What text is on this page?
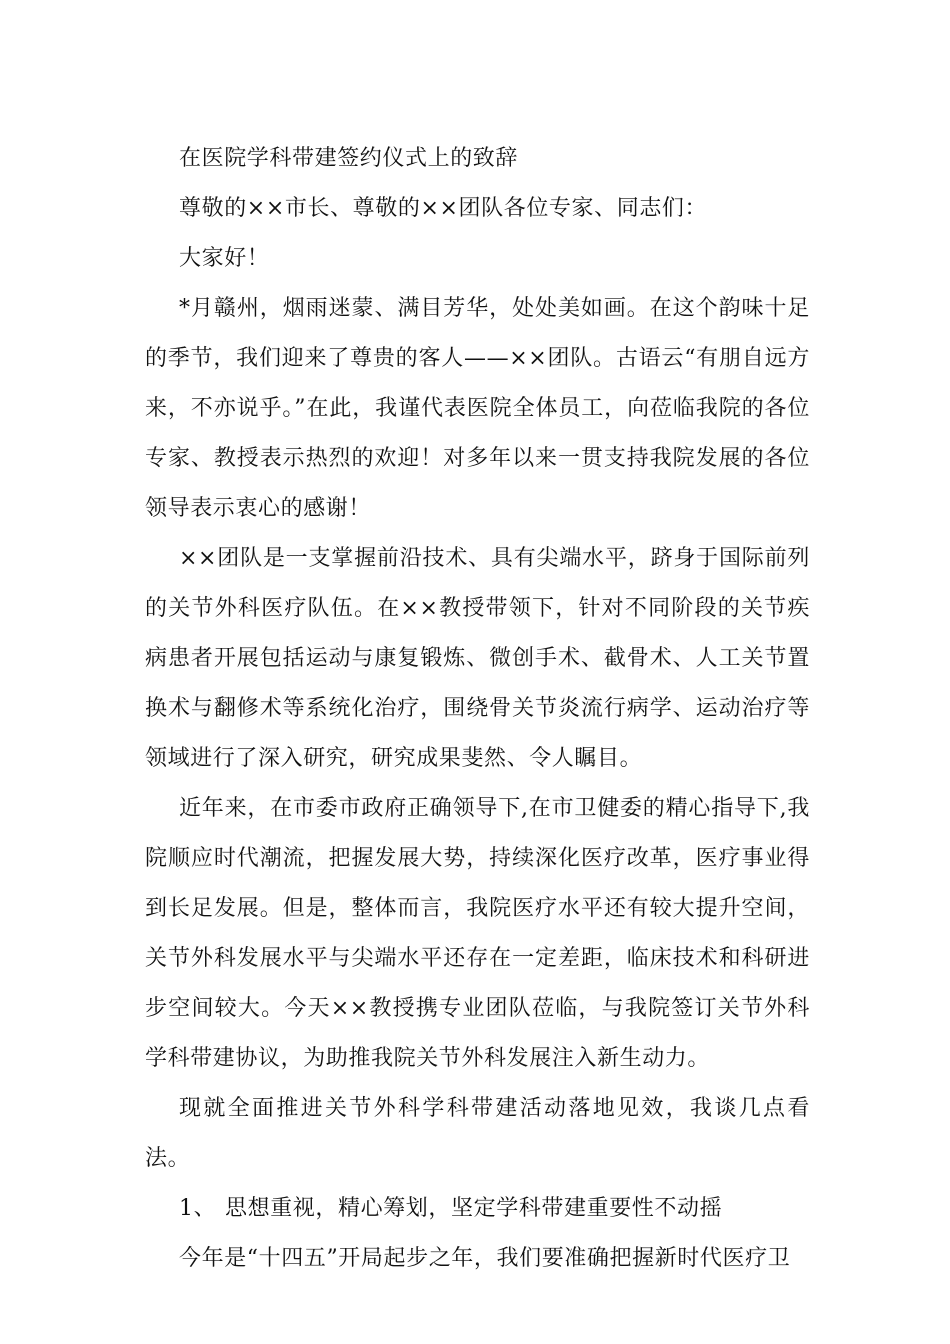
在医院学科带建签约仪式上的致辞

尊敬的××市长、尊敬的××团队各位专家、同志们：

大家好！

*月赣州，烟雨迷蒙、满目芳华，处处美如画。在这个韵味十足的季节，我们迎来了尊贵的客人——××团队。古语云“有朋自远方来，不亦说乎。”在此，我谨代表医院全体员工，向莅临我院的各位专家、教授表示热烈的欢迎！对多年以来一贯支持我院发展的各位领导表示衷心的感谢！

××团队是一支掌握前沿技术、具有尖端水平，跻身于国际前列的关节外科医疗队伍。在××教授带领下，针对不同阶段的关节疾病患者开展包括运动与康复锻炼、微创手术、截骨术、人工关节置换术与翻修术等系统化治疗，围绕骨关节炎流行病学、运动治疗等领域进行了深入研究，研究成果斐然、令人瞩目。

近年来，在市委市政府正确领导下,在市卫健委的精心指导下,我院顺应时代潮流，把握发展大势，持续深化医疗改革，医疗事业得到长足发展。但是，整体而言，我院医疗水平还有较大提升空间，关节外科发展水平与尖端水平还存在一定差距，临床技术和科研进步空间较大。今天××教授携专业团队莅临，与我院签订关节外科学科带建协议，为助推我院关节外科发展注入新生动力。

现就全面推进关节外科学科带建活动落地见效，我谈几点看法。

1、 思想重视，精心筹划，坚定学科带建重要性不动摇

今年是“十四五”开局起步之年，我们要准确把握新时代医疗卫
